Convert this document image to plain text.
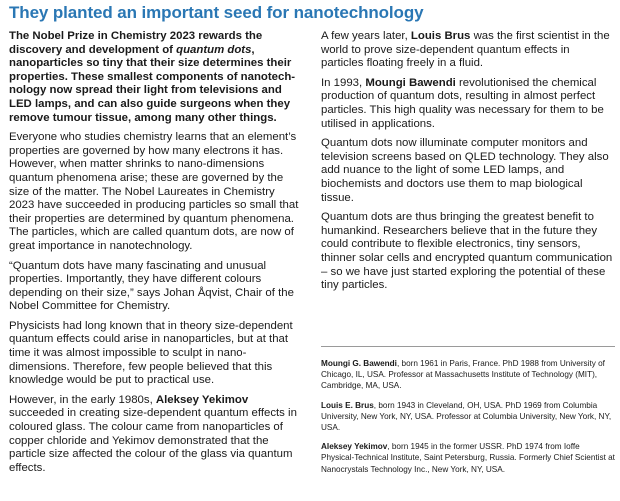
They planted an important seed for nanotechnology

The Nobel Prize in Chemistry 2023 rewards the discovery and development of quantum dots, nanoparticles so tiny that their size determines their properties. These smallest components of nanotech-nology now spread their light from televisions and LED lamps, and can also guide surgeons when they remove tumour tissue, among many other things.

Everyone who studies chemistry learns that an element’s properties are governed by how many electrons it has. However, when matter shrinks to nano-dimensions quantum phenomena arise; these are governed by the size of the matter. The Nobel Laureates in Chemistry 2023 have succeeded in producing particles so small that their properties are determined by quantum phenomena. The particles, which are called quantum dots, are now of great importance in nanotechnology.

“Quantum dots have many fascinating and unusual properties. Importantly, they have different colours depending on their size,” says Johan Åqvist, Chair of the Nobel Committee for Chemistry.

Physicists had long known that in theory size-dependent quantum effects could arise in nanoparticles, but at that time it was almost impossible to sculpt in nano-dimensions. Therefore, few people believed that this knowledge would be put to practical use.

However, in the early 1980s, Aleksey Yekimov succeeded in creating size-dependent quantum effects in coloured glass. The colour came from nanoparticles of copper chloride and Yekimov demonstrated that the particle size affected the colour of the glass via quantum effects.

A few years later, Louis Brus was the first scientist in the world to prove size-dependent quantum effects in particles floating freely in a fluid.

In 1993, Moungi Bawendi revolutionised the chemical production of quantum dots, resulting in almost perfect particles. This high quality was necessary for them to be utilised in applications.

Quantum dots now illuminate computer monitors and television screens based on QLED technology. They also add nuance to the light of some LED lamps, and biochemists and doctors use them to map biological tissue.

Quantum dots are thus bringing the greatest benefit to humankind. Researchers believe that in the future they could contribute to flexible electronics, tiny sensors, thinner solar cells and encrypted quantum communication – so we have just started exploring the potential of these tiny particles.

Moungi G. Bawendi, born 1961 in Paris, France. PhD 1988 from University of Chicago, IL, USA. Professor at Massachusetts Institute of Technology (MIT), Cambridge, MA, USA.

Louis E. Brus, born 1943 in Cleveland, OH, USA. PhD 1969 from Columbia University, New York, NY, USA. Professor at Columbia University, New York, NY, USA.

Aleksey Yekimov, born 1945 in the former USSR. PhD 1974 from Ioffe Physical-Technical Institute, Saint Petersburg, Russia. Formerly Chief Scientist at Nanocrystals Technology Inc., New York, NY, USA.
